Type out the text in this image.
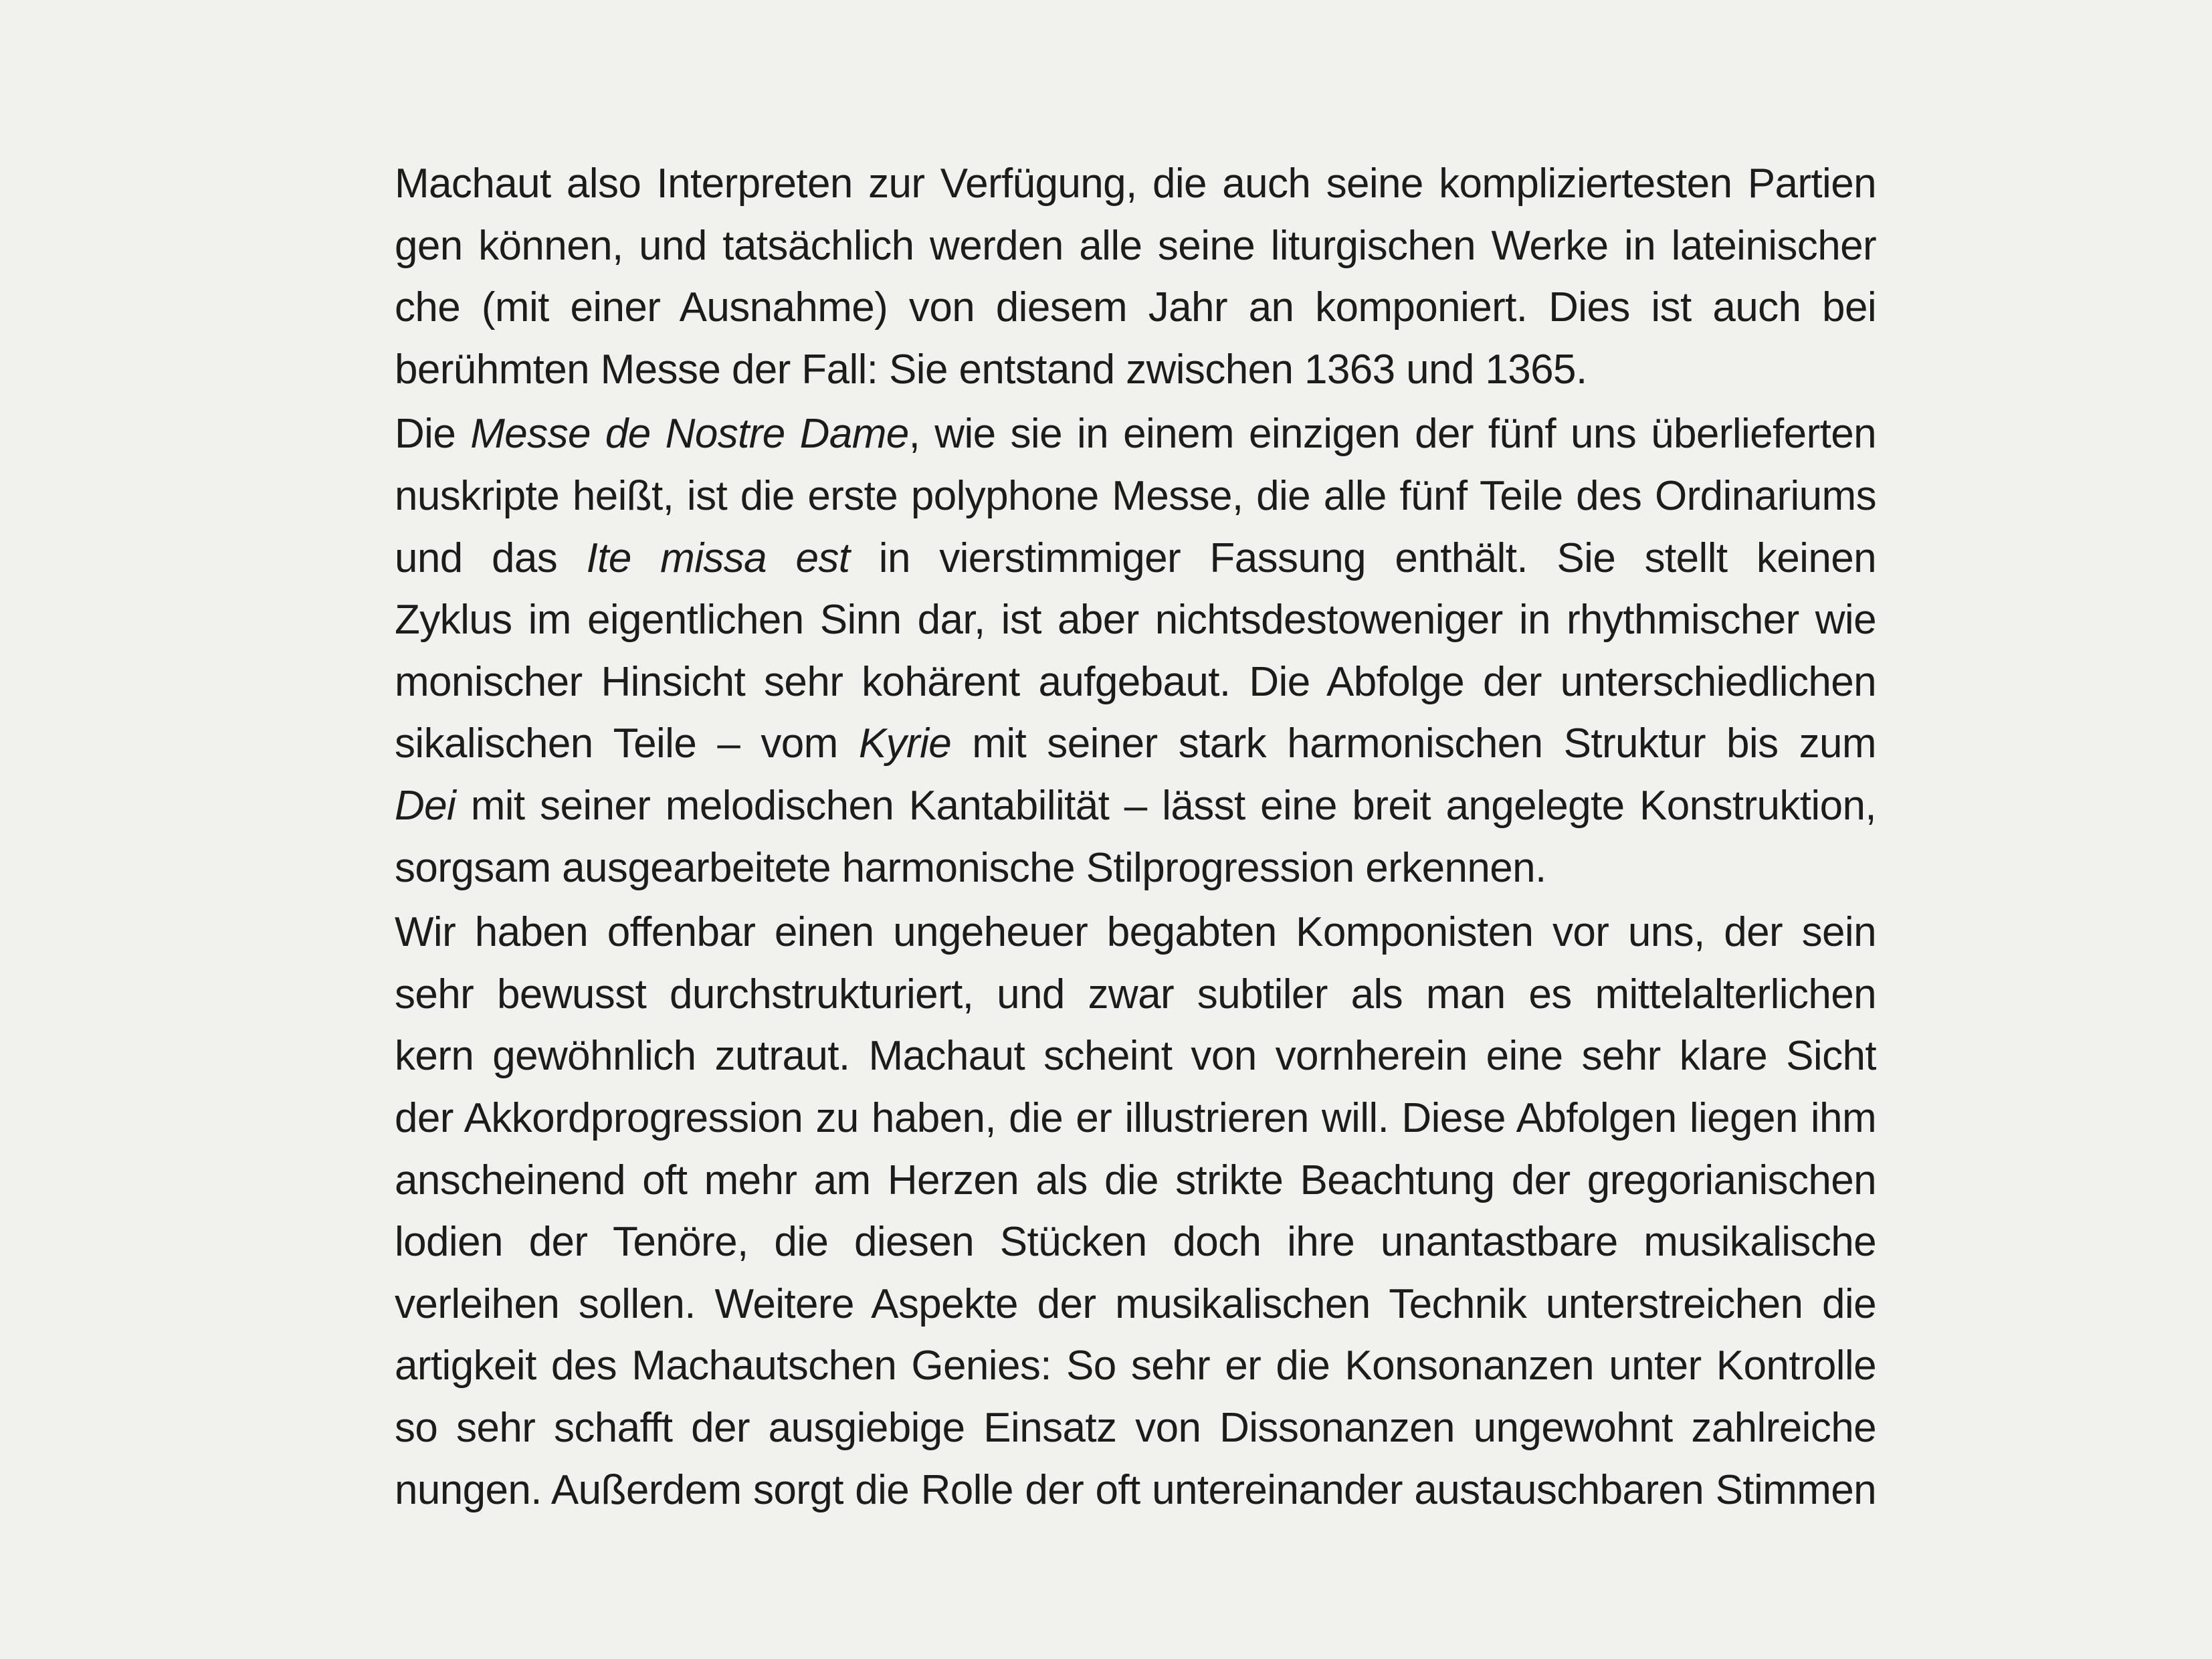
Machaut also Interpreten zur Verfügung, die auch seine kompliziertesten Partien
gen können, und tatsächlich werden alle seine liturgischen Werke in lateinischer
che (mit einer Ausnahme) von diesem Jahr an komponiert. Dies ist auch bei
berühmten Messe der Fall: Sie entstand zwischen 1363 und 1365.
Die Messe de Nostre Dame, wie sie in einem einzigen der fünf uns überlieferten
nuskripte heißt, ist die erste polyphone Messe, die alle fünf Teile des Ordinariums
und das Ite missa est in vierstimmiger Fassung enthält. Sie stellt keinen
Zyklus im eigentlichen Sinn dar, ist aber nichtsdestoweniger in rhythmischer wie
monischer Hinsicht sehr kohärent aufgebaut. Die Abfolge der unterschiedlichen
sikalischen Teile – vom Kyrie mit seiner stark harmonischen Struktur bis zum
Dei mit seiner melodischen Kantabilität – lässt eine breit angelegte Konstruktion,
sorgsam ausgearbeitete harmonische Stilprogression erkennen.
Wir haben offenbar einen ungeheuer begabten Komponisten vor uns, der sein
sehr bewusst durchstrukturiert, und zwar subtiler als man es mittelalterlichen
kern gewöhnlich zutraut. Machaut scheint von vornherein eine sehr klare Sicht
der Akkordprogression zu haben, die er illustrieren will. Diese Abfolgen liegen ihm
anscheinend oft mehr am Herzen als die strikte Beachtung der gregorianischen
lodien der Tenöre, die diesen Stücken doch ihre unantastbare musikalische
verleihen sollen. Weitere Aspekte der musikalischen Technik unterstreichen die
artigkeit des Machautschen Genies: So sehr er die Konsonanzen unter Kontrolle
so sehr schafft der ausgiebige Einsatz von Dissonanzen ungewohnt zahlreiche
nungen. Außerdem sorgt die Rolle der oft untereinander austauschbaren Stimmen
